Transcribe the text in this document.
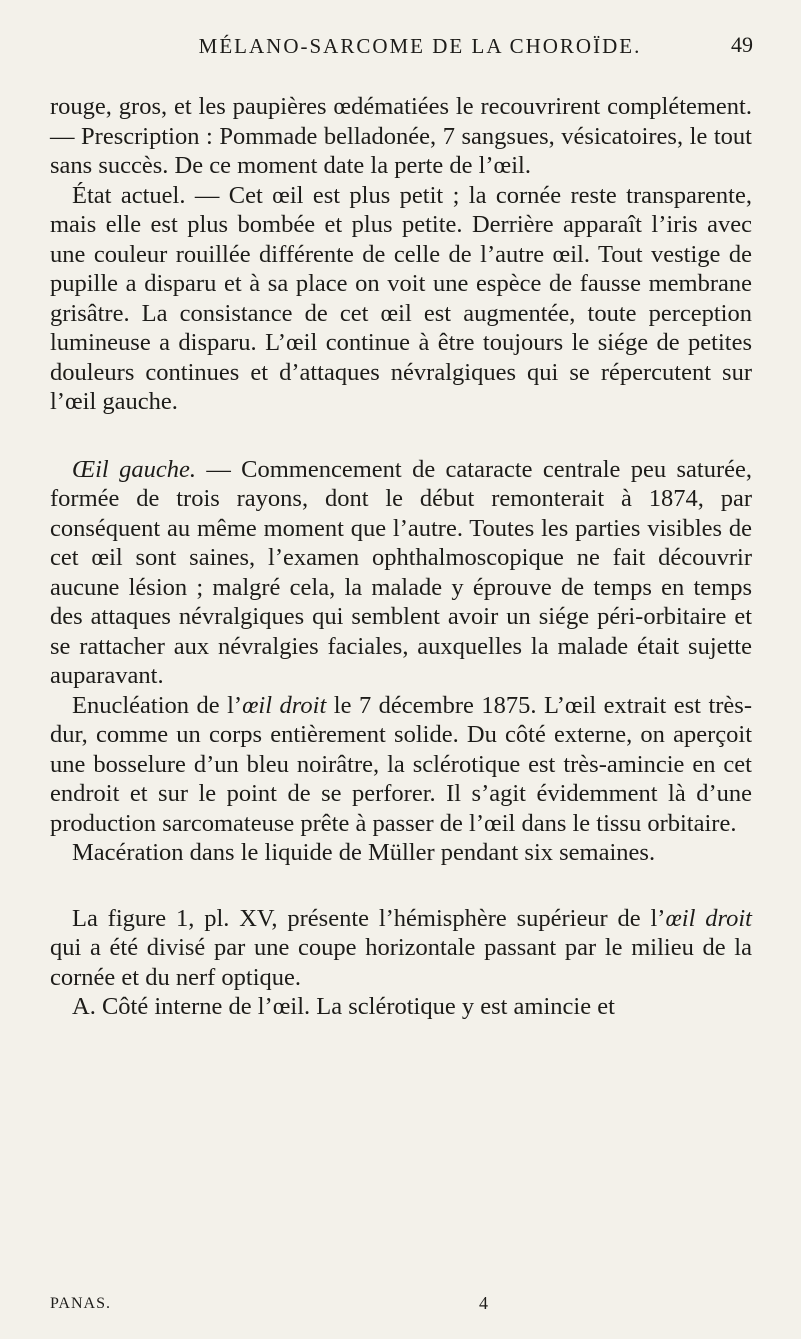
MÉLANO-SARCOME DE LA CHOROÏDE.	49

rouge, gros, et les paupières œdématiées le recouvrirent complétement. — Prescription : Pommade belladonée, 7 sangsues, vésicatoires, le tout sans succès. De ce moment date la perte de l’œil.

État actuel. — Cet œil est plus petit ; la cornée reste transparente, mais elle est plus bombée et plus petite. Derrière apparaît l’iris avec une couleur rouillée différente de celle de l’autre œil. Tout vestige de pupille a disparu et à sa place on voit une espèce de fausse membrane grisâtre. La consistance de cet œil est augmentée, toute perception lumineuse a disparu. L’œil continue à être toujours le siége de petites douleurs continues et d’attaques névralgiques qui se répercutent sur l’œil gauche.

Œil gauche. — Commencement de cataracte centrale peu saturée, formée de trois rayons, dont le début remonterait à 1874, par conséquent au même moment que l’autre. Toutes les parties visibles de cet œil sont saines, l’examen ophthalmoscopique ne fait découvrir aucune lésion ; malgré cela, la malade y éprouve de temps en temps des attaques névralgiques qui semblent avoir un siége péri-orbitaire et se rattacher aux névralgies faciales, auxquelles la malade était sujette auparavant.

Enucléation de l’œil droit le 7 décembre 1875. L’œil extrait est très-dur, comme un corps entièrement solide. Du côté externe, on aperçoit une bosselure d’un bleu noirâtre, la sclérotique est très-amincie en cet endroit et sur le point de se perforer. Il s’agit évidemment là d’une production sarcomateuse prête à passer de l’œil dans le tissu orbitaire.

Macération dans le liquide de Müller pendant six semaines.

La figure 1, pl. XV, présente l’hémisphère supérieur de l’œil droit qui a été divisé par une coupe horizontale passant par le milieu de la cornée et du nerf optique.

A. Côté interne de l’œil. La sclérotique y est amincie et

PANAS.	4
